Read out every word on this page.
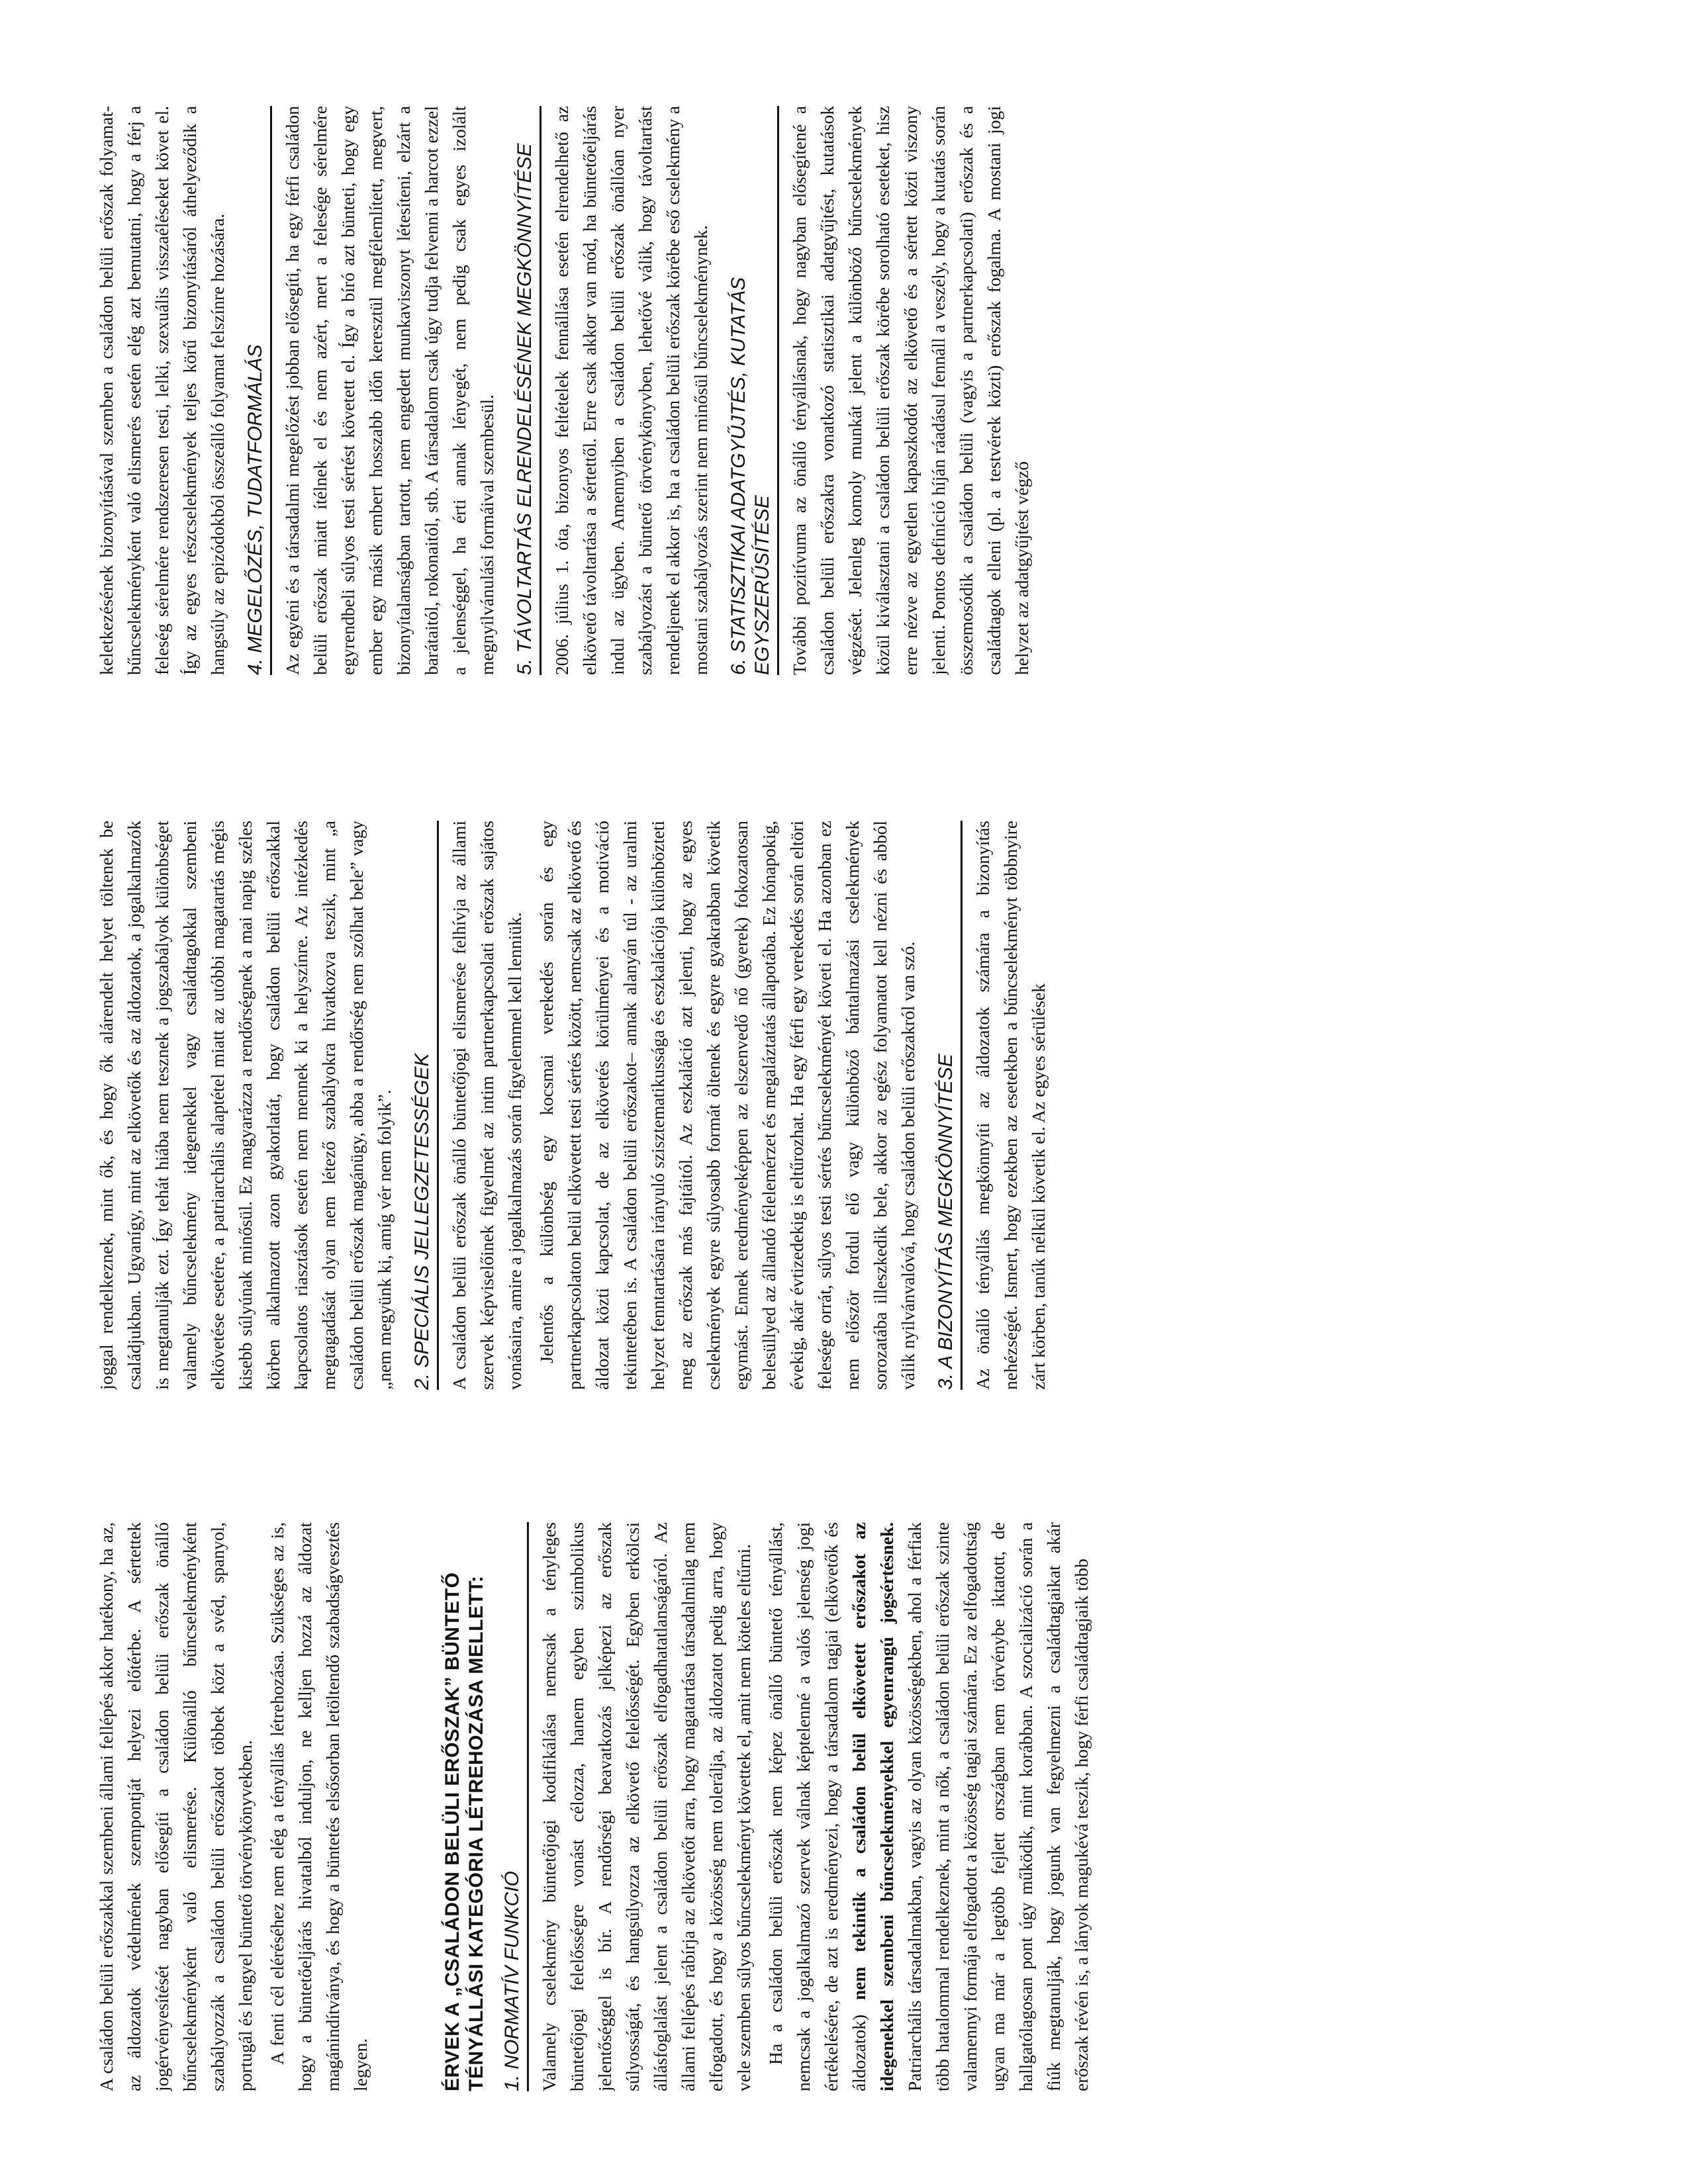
A családon belüli erőszakkal szembeni állami fellépés akkor hatékony, ha az, az áldozatok védelmének szempontját helyezi előtérbe. A sértettek jogérvényesítését nagyban elősegíti a családon belüli erőszak önálló bűncselekményként való elismerése. Különálló bűncselekményként szabályozzák a családon belüli erőszakot többek közt a svéd, spanyol, portugál és lengyel büntető törvénykönyvekben. A fenti cél eléréséhez nem elég a tényállás létrehozása. Szükséges az is, hogy a büntetőeljárás hivatalból induljon, ne kelljen hozzá az áldozat magánindítványa, és hogy a büntetés elsősorban letöltendő szabadságvesztés legyen.	ÉRVEK A „CSALÁDON BELÜLI ERŐSZAK” BÜNTETŐ TÉNYÁLLÁSI KATEGÓRIA LÉTREHOZÁSA MELLETT: 1. NORMATÍV FUNKCIÓ Valamely cselekmény büntetőjogi kodifikálása nemcsak a tényleges büntetőjogi felelősségre vonást célozza, hanem egyben szimbolikus jelentőséggel is bír. A rendőrségi beavatkozás jelképezi az erőszak súlyosságát, és hangsúlyozza az elkövető felelősségét. Egyben erkölcsi állásfoglalást jelent a családon belüli erőszak elfogadhatatlanságáról. Az állami fellépés rábírja az elkövetőt arra, hogy magatartása társadalmilag nem elfogadott, és hogy a közösség nem tolerálja, az áldozatot pedig arra, hogy vele szemben súlyos bűncselekményt követtek el, amit nem köteles eltűrni. Ha a családon belüli erőszak nem képez önálló büntető tényállást, nemcsak a jogalkalmazó szervek válnak képtelenné a valós jelenség jogi értékelésére, de azt is eredményezi, hogy a társadalom tagjai (elkövetők és áldozatok) nem tekintik a családon belül elkövetett erőszakot az idegenekkel szembeni bűncselekményekkel egyenrangú jogsértésnek. Patriarchális társadalmakban, vagyis az olyan közösségekben, ahol a férfiak több hatalommal rendelkeznek, mint a nők, a családon belüli erőszak szinte valamennyi formája elfogadott a közösség tagjai számára. Ez az elfogadottság ugyan ma már a legtöbb fejlett országban nem törvénybe iktatott, de hallgatólagosan pont úgy működik, mint korábban. A szocializáció során a fiúk megtanulják, hogy jogunk van fegyelmezni a családtagjaikat akár erőszak révén is, a lányok magukévá teszik, hogy férfi családtagjaik több

joggal rendelkeznek, mint ők, és hogy ők alárendelt helyet töltenek be családjukban. Ugyanígy, mint az elkövetők és az áldozatok, a jogalkalmazók is megtanulják ezt. Így tehát hiába nem tesznek a jogszabályok különbséget valamely bűncselekmény idegenekkel vagy családtagokkal szembeni elkövetése esetére, a patriarchális alaptétel miatt az utóbbi magatartás mégis kisebb súlyúnak minősül. Ez magyarázza a rendőrségnek a mai napig széles körben alkalmazott azon gyakorlatát, hogy családon belüli erőszakkal kapcsolatos riasztások esetén nem mennek ki a helyszínre. Az intézkedés megtagadását olyan nem létező szabályokra hivatkozva teszik, mint „a családon belüli erőszak magánügy, abba a rendőrség nem szólhat bele” vagy „nem megyünk ki, amíg vér nem folyik”. 2. SPECIÁLIS JELLEGZETESSÉGEK A családon belüli erőszak önálló büntetőjogi elismerése felhívja az állami szervek képviselőinek figyelmét az intim partnerkapcsolati erőszak sajátos vonásaira, amire a jogalkalmazás során figyelemmel kell lenniük. Jelentős a különbség egy kocsmai verekedés során és egy partnerkapcsolaton belül elkövetett testi sértés között, nemcsak az elkövető és áldozat közti kapcsolat, de az elkövetés körülményei és a motiváció tekintetében is. A családon belüli erőszakot– annak alanyán túl - az uralmi helyzet fenntartására irányuló szisztematikussága és eszkalációja különbözteti meg az erőszak más fajtáitól. Az eszkaláció azt jelenti, hogy az egyes cselekmények egyre súlyosabb formát öltenek és egyre gyakrabban követik egymást. Ennek eredményeképpen az elszenvedő nő (gyerek) fokozatosan belesüllyed az állandó félelemérzet és megaláztatás állapotába. Ez hónapokig, évekig, akár évtizedekig is eltűrozhat. Ha egy férfi egy verekedés során eltöri felesége orrát, súlyos testi sértés bűncselekményét követi el. Ha azonban ez nem először fordul elő vagy különböző bántalmazási cselekmények sorozatába illeszkedik bele, akkor az egész folyamatot kell nézni és abból válik nyilvánvalóvá, hogy családon belüli erőszakról van szó. 3. A BIZONYÍTÁS MEGKÖNNYÍTÉSE Az önálló tényállás megkönnyíti az áldozatok számára a bizonyítás nehézségét. Ismert, hogy ezekben az esetekben a bűncselekményt többnyire zárt körben, tanúk nélkül követik el. Az egyes sérülések

keletkezésének bizonyításával szemben a családon belüli erőszak folyamat-bűncselekményként való elismerés esetén elég azt bemutatni, hogy a férj a feleség sérelmére rendszeresen testi, lelki, szexuális visszaéléseket követ el. Így az egyes részcselekmények teljes körű bizonyításáról áthelyeződik a hangsúly az epizódokból összeálló folyamat felszínre hozására. 4. MEGELŐZÉS, TUDATFORMÁLÁS Az egyéni és a társadalmi megelőzést jobban elősegíti, ha egy férfi családon belüli erőszak miatt ítélnek el és nem azért, mert a felesége sérelmére egyrendbeli súlyos testi sértést követett el. Így a bíró azt bünteti, hogy egy ember egy másik embert hosszabb időn keresztül megfélemlített, megvert, bizonyítalanságban tartott, nem engedett munkaviszonyt létesíteni, elzárt a barátaitól, rokonaitól, stb. A társadalom csak úgy tudja felvenni a harcot ezzel a jelenséggel, ha érti annak lényegét, nem pedig csak egyes izolált megnyilvánulási formáival szembesül. 5. TÁVOLTARTÁS ELRENDELÉSÉNEK MEGKÖNNYÍTÉSE 2006. július 1. óta, bizonyos feltételek fennállása esetén elrendelhető az elkövető távoltartása a sértettől. Erre csak akkor van mód, ha büntetőeljárás indul az ügyben. Amennyiben a családon belüli erőszak önállóan nyer szabályozást a büntető törvénykönyvben, lehetővé válik, hogy távoltartást rendeljenek el akkor is, ha a családon belüli erőszak körébe eső cselekmény a mostani szabályozás szerint nem minősül bűncselekménynek. 6. STATISZTIKAI ADATGYŰJTÉS, KUTATÁS EGYSZERŰSÍTÉSE További pozitívuma az önálló tényállásnak, hogy nagyban elősegítené a családon belüli erőszakra vonatkozó statisztikai adatgyűjtést, kutatások végzését. Jelenleg komoly munkát jelent a különböző bűncselekmények közül kiválasztani a családon belüli erőszak körébe sorolható eseteket, hisz erre nézve az egyetlen kapaszkodót az elkövető és a sértett közti viszony jelenti. Pontos definíció híján ráadásul fennáll a veszély, hogy a kutatás során összemosódik a családon belüli (vagyis a partnerkapcsolati) erőszak és a családtagok elleni (pl. a testvérek közti) erőszak fogalma. A mostani jogi helyzet az adatgyűjtést végző
